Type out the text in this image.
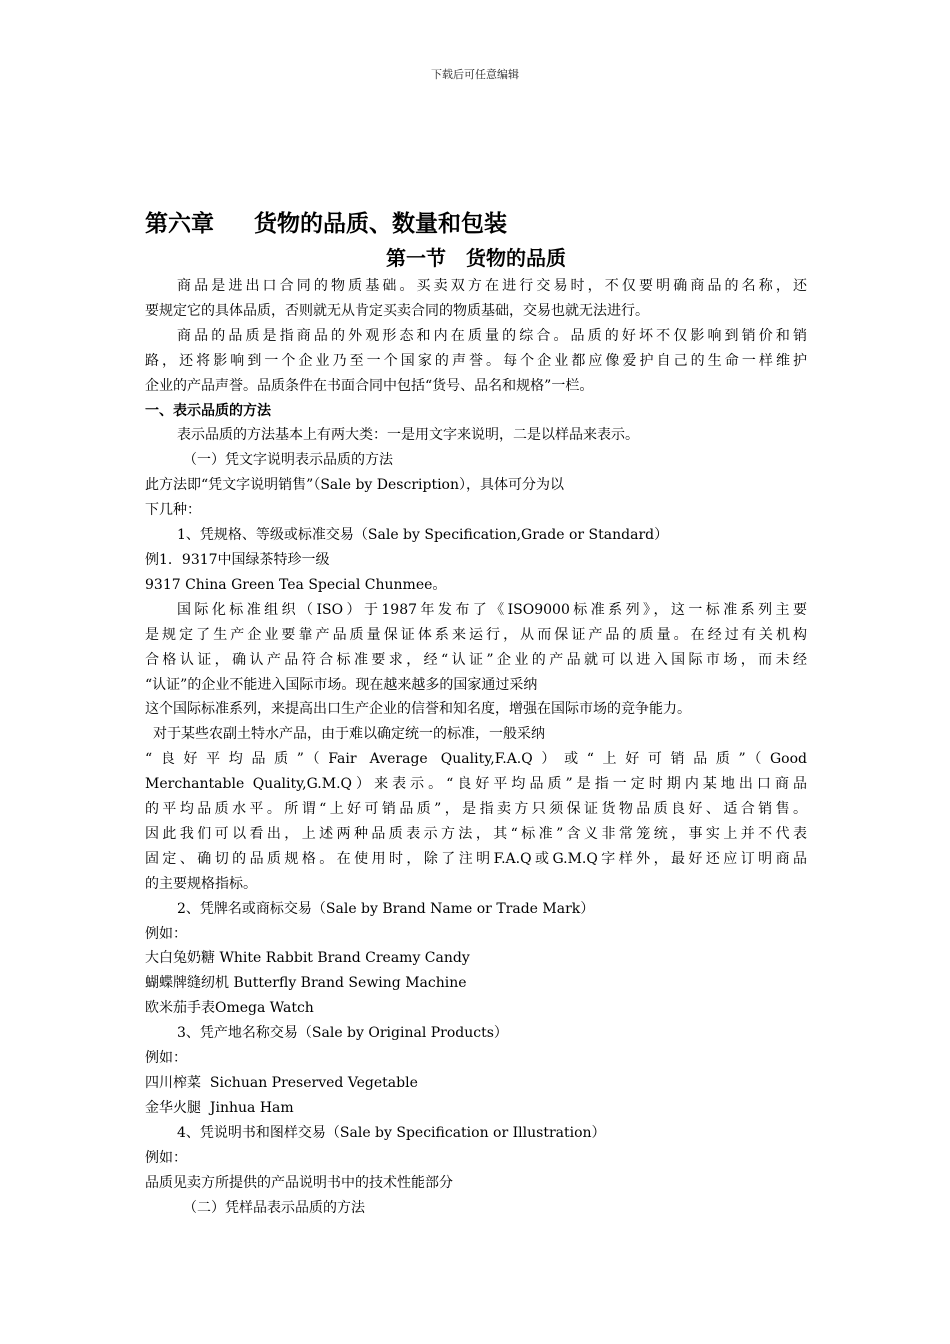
下载后可任意编辑
第六章 货物的品质、数量和包装
第一节 货物的品质
商品是进出口合同的物质基础。买卖双方在进行交易时，不仅要明确商品的名称，还
要规定它的具体品质，否则就无从肯定买卖合同的物质基础，交易也就无法进行。
商品的品质是指商品的外观形态和内在质量的综合。品质的好坏不仅影响到销价和销
路，还将影响到一个企业乃至一个国家的声誉。每个企业都应像爱护自己的生命一样维护
企业的产品声誉。品质条件在书面合同中包括“货号、品名和规格”一栏。
一、表示品质的方法
表示品质的方法基本上有两大类：一是用文字来说明，二是以样品来表示。
（一）凭文字说明表示品质的方法
此方法即“凭文字说明销售”（Sale by Description），具体可分为以
下几种：
1、凭规格、等级或标准交易（Sale by Specification,Grade or Standard）
例1．9317中国绿茶特珍一级
9317 China Green Tea Special Chunmee。
国际化标准组织（ISO）于1987年发布了《ISO9000标准系列》，这一标准系列主要
是规定了生产企业要靠产品质量保证体系来运行，从而保证产品的质量。在经过有关机构
合格认证，确认产品符合标准要求，经“认证”企业的产品就可以进入国际市场，而未经
“认证”的企业不能进入国际市场。现在越来越多的国家通过采纳
这个国际标准系列，来提高出口生产企业的信誉和知名度，增强在国际市场的竞争能力。
对于某些农副土特水产品，由于难以确定统一的标准，一般采纳
“良好平均品质”（Fair Average Quality,F.A.Q）或“上好可销品质”（Good
Merchantable Quality,G.M.Q）来表示。“良好平均品质”是指一定时期内某地出口商品
的平均品质水平。所谓“上好可销品质”，是指卖方只须保证货物品质良好、适合销售。
因此我们可以看出，上述两种品质表示方法，其“标准”含义非常笼统，事实上并不代表
固定、确切的品质规格。在使用时，除了注明F.A.Q或G.M.Q字样外，最好还应订明商品
的主要规格指标。
2、凭牌名或商标交易（Sale by Brand Name or Trade Mark）
例如：
大白兔奶糖 White Rabbit Brand Creamy Candy
蝴蝶牌缝纫机 Butterfly Brand Sewing Machine
欧米茄手表Omega Watch
3、凭产地名称交易（Sale by Original Products）
例如：
四川榨菜  Sichuan Preserved Vegetable
金华火腿  Jinhua Ham
4、凭说明书和图样交易（Sale by Specification or Illustration）
例如：
品质见卖方所提供的产品说明书中的技术性能部分
（二）凭样品表示品质的方法
